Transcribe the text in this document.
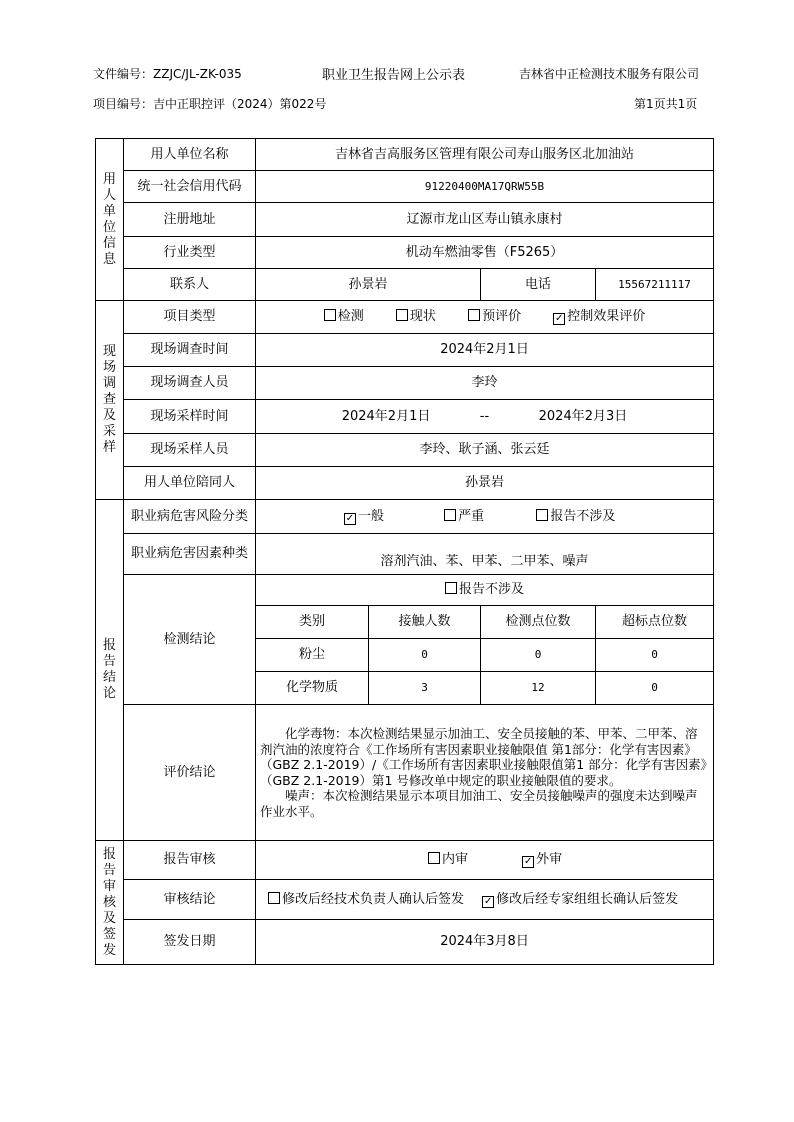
文件编号：ZZJC/JL-ZK-035	职业卫生报告网上公示表	吉林省中正检测技术服务有限公司
项目编号：吉中正职控评（2024）第022号	第1页共1页
用人单位信息	用人单位名称	吉林省吉高服务区管理有限公司寿山服务区北加油站			
	统一社会信用代码	91220400MA17QRW55B			
	注册地址	辽源市龙山区寿山镇永康村			
	行业类型	机动车燃油零售（F5265）			
	联系人	孙景岩		电话	15567211117
现场调查及采样	项目类型	检测 现状 预评价 ✓ 控制效果评价			
	现场调查时间	2024年2月1日			
	现场调查人员	李玲			
	现场采样时间	2024年2月1日 -- 2024年2月3日			
	现场采样人员	李玲、耿子涵、张云廷			
	用人单位陪同人	孙景岩			
报告结论	职业病危害风险分类	✓ 一般 严重 报告不涉及			
	职业病危害因素种类	溶剂汽油、苯、甲苯、二甲苯、噪声			
	检测结论	报告不涉及			
		类别	接触人数	检测点位数	超标点位数
		粉尘	0	0	0
		化学物质	3	12	0
	评价结论	化学毒物：本次检测结果显示加油工、安全员接触的苯、甲苯、二甲苯、溶剂汽油的浓度符合《工作场所有害因素职业接触限值 第1部分：化学有害因素》（GBZ 2.1-2019）/《工作场所有害因素职业接触限值第1 部分：化学有害因素》（GBZ 2.1-2019）第1 号修改单中规定的职业接触限值的要求。

噪声：本次检测结果显示本项目加油工、安全员接触噪声的强度未达到噪声作业水平。			

报告审核及签发	报告审核	内审 ✓ 外审			
	审核结论	修改后经技术负责人确认后签发 ✓ 修改后经专家组组长确认后签发			
	签发日期	2024年3月8日			
